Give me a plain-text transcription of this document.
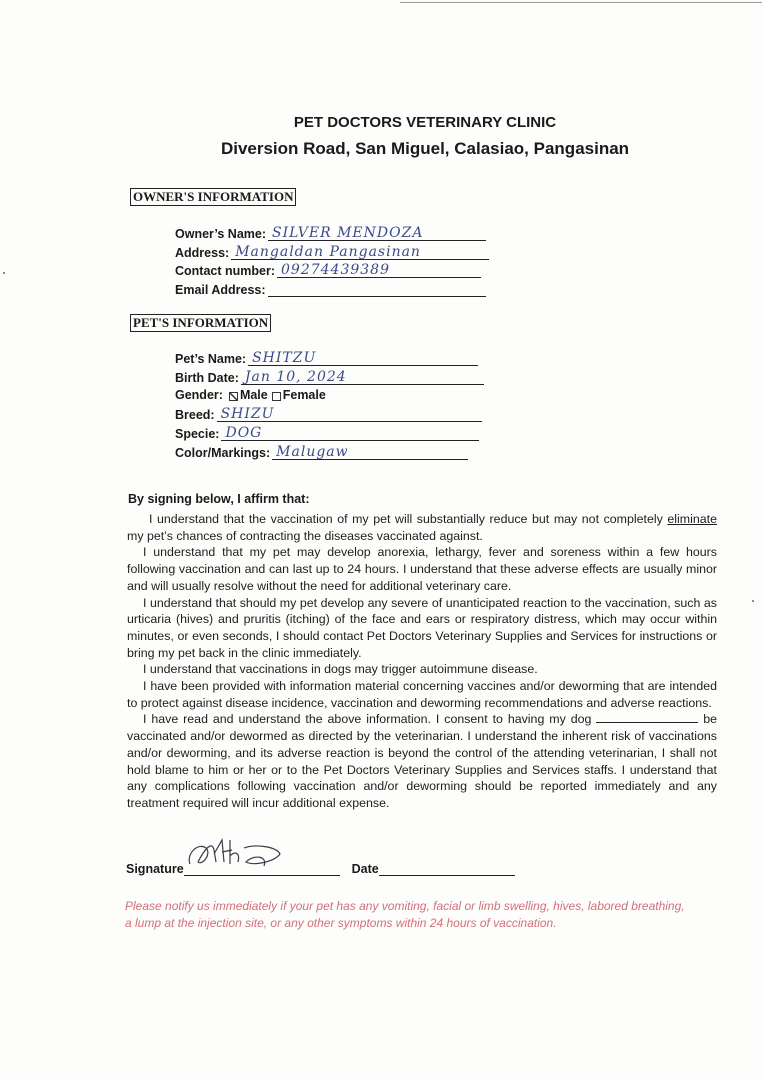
PET DOCTORS VETERINARY CLINIC
Diversion Road, San Miguel, Calasiao, Pangasinan
OWNER'S INFORMATION
Owner’s Name: SILVER MENDOZA
Address: Mangaldan Pangasinan
Contact number: 09274439389
Email Address:
PET'S INFORMATION
Pet’s Name: SHITZU
Birth Date: Jan 10, 2024
Gender: Male Female
Breed: SHIZU
Specie: DOG
Color/Markings: Malugaw
By signing below, I affirm that:

I understand that the vaccination of my pet will substantially reduce but may not completely eliminate my pet’s chances of contracting the diseases vaccinated against.

I understand that my pet may develop anorexia, lethargy, fever and soreness within a few hours following vaccination and can last up to 24 hours. I understand that these adverse effects are usually minor and will usually resolve without the need for additional veterinary care.

I understand that should my pet develop any severe of unanticipated reaction to the vaccination, such as urticaria (hives) and pruritis (itching) of the face and ears or respiratory distress, which may occur within minutes, or even seconds, I should contact Pet Doctors Veterinary Supplies and Services for instructions or bring my pet back in the clinic immediately.

I understand that vaccinations in dogs may trigger autoimmune disease.

I have been provided with information material concerning vaccines and/or deworming that are intended to protect against disease incidence, vaccination and deworming recommendations and adverse reactions.

I have read and understand the above information. I consent to having my dog	be vaccinated and/or dewormed as directed by the veterinarian. I understand the inherent risk of vaccinations and/or deworming, and its adverse reaction is beyond the control of the attending veterinarian, I shall not hold blame to him or her or to the Pet Doctors Veterinary Supplies and Services staffs. I understand that any complications following vaccination and/or deworming should be reported immediately and any treatment required will incur additional expense.

Signature	Date
Please notify us immediately if your pet has any vomiting, facial or limb swelling, hives, labored breathing, a lump at the injection site, or any other symptoms within 24 hours of vaccination.
